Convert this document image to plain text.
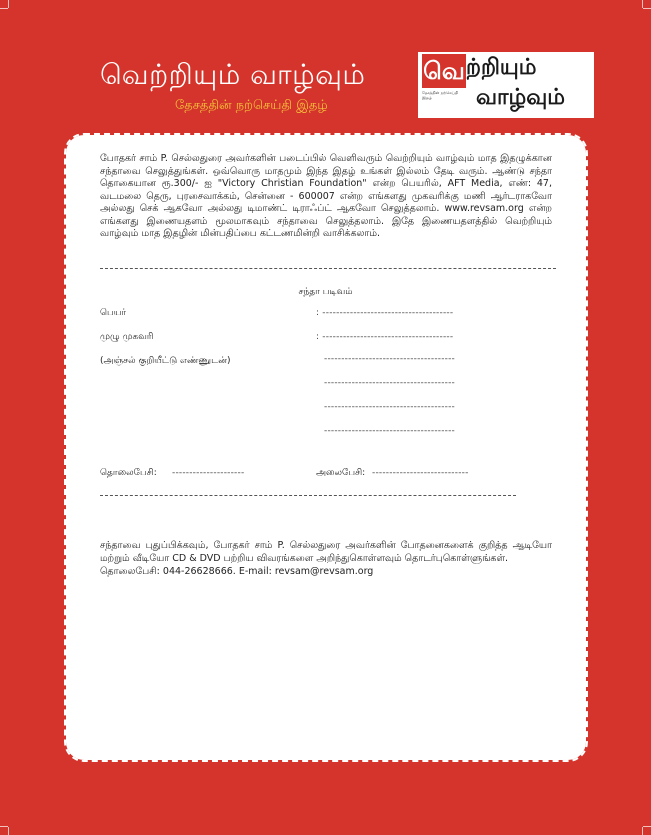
வெற்றியும் வாழ்வும்
தேசத்தின் நற்செய்தி இதழ்
வெ ற்றியும்
வாழ்வும்
தேசத்தின் நற்செய்தி இதழ்
போதகர் சாம் P. செல்லதுரை அவர்களின் படைப்பில் வெளிவரும் வெற்றியும் வாழ்வும் மாத இதழுக்கான சந்தாவை செலுத்துங்கள். ஒவ்வொரு மாதமும் இந்த இதழ் உங்கள் இல்லம் தேடி வரும். ஆண்டு சந்தா தொகையான ரூ.300/- ஐ "Victory Christian Foundation" என்ற பெயரில், AFT Media, எண்: 47, வடமலை தெரு, புரசைவாக்கம், சென்னை - 600007 என்ற எங்களது முகவரிக்கு மணி ஆர்டராகவோ அல்லது செக் ஆகவோ அல்லது டிமாண்ட் டிராஃப்ட் ஆகவோ செலுத்தலாம். www.revsam.org என்ற எங்களது இணையதளம் மூலமாகவும் சந்தாவை செலுத்தலாம். இதே இணையதளத்தில் வெற்றியும் வாழ்வும் மாத இதழின் மின்பதிப்பை கட்டணமின்றி வாசிக்கலாம்.
சந்தா படிவம்
பெயர்	: --------------------------------------
முழு முகவரி	: --------------------------------------
(அஞ்சல் குறியீட்டு எண்ணுடன்)	--------------------------------------
--------------------------------------
--------------------------------------
--------------------------------------
தொலைபேசி: ---------------------	அலைபேசி: ----------------------------
சந்தாவை புதுப்பிக்கவும், போதகர் சாம் P. செல்லதுரை அவர்களின் போதனைகளைக் குறித்த ஆடியோ மற்றும் வீடியோ CD & DVD பற்றிய விவரங்களை அறிந்துகொள்ளவும் தொடர்புகொள்ளுங்கள்.
தொலைபேசி: 044-26628666. E-mail: revsam@revsam.org
